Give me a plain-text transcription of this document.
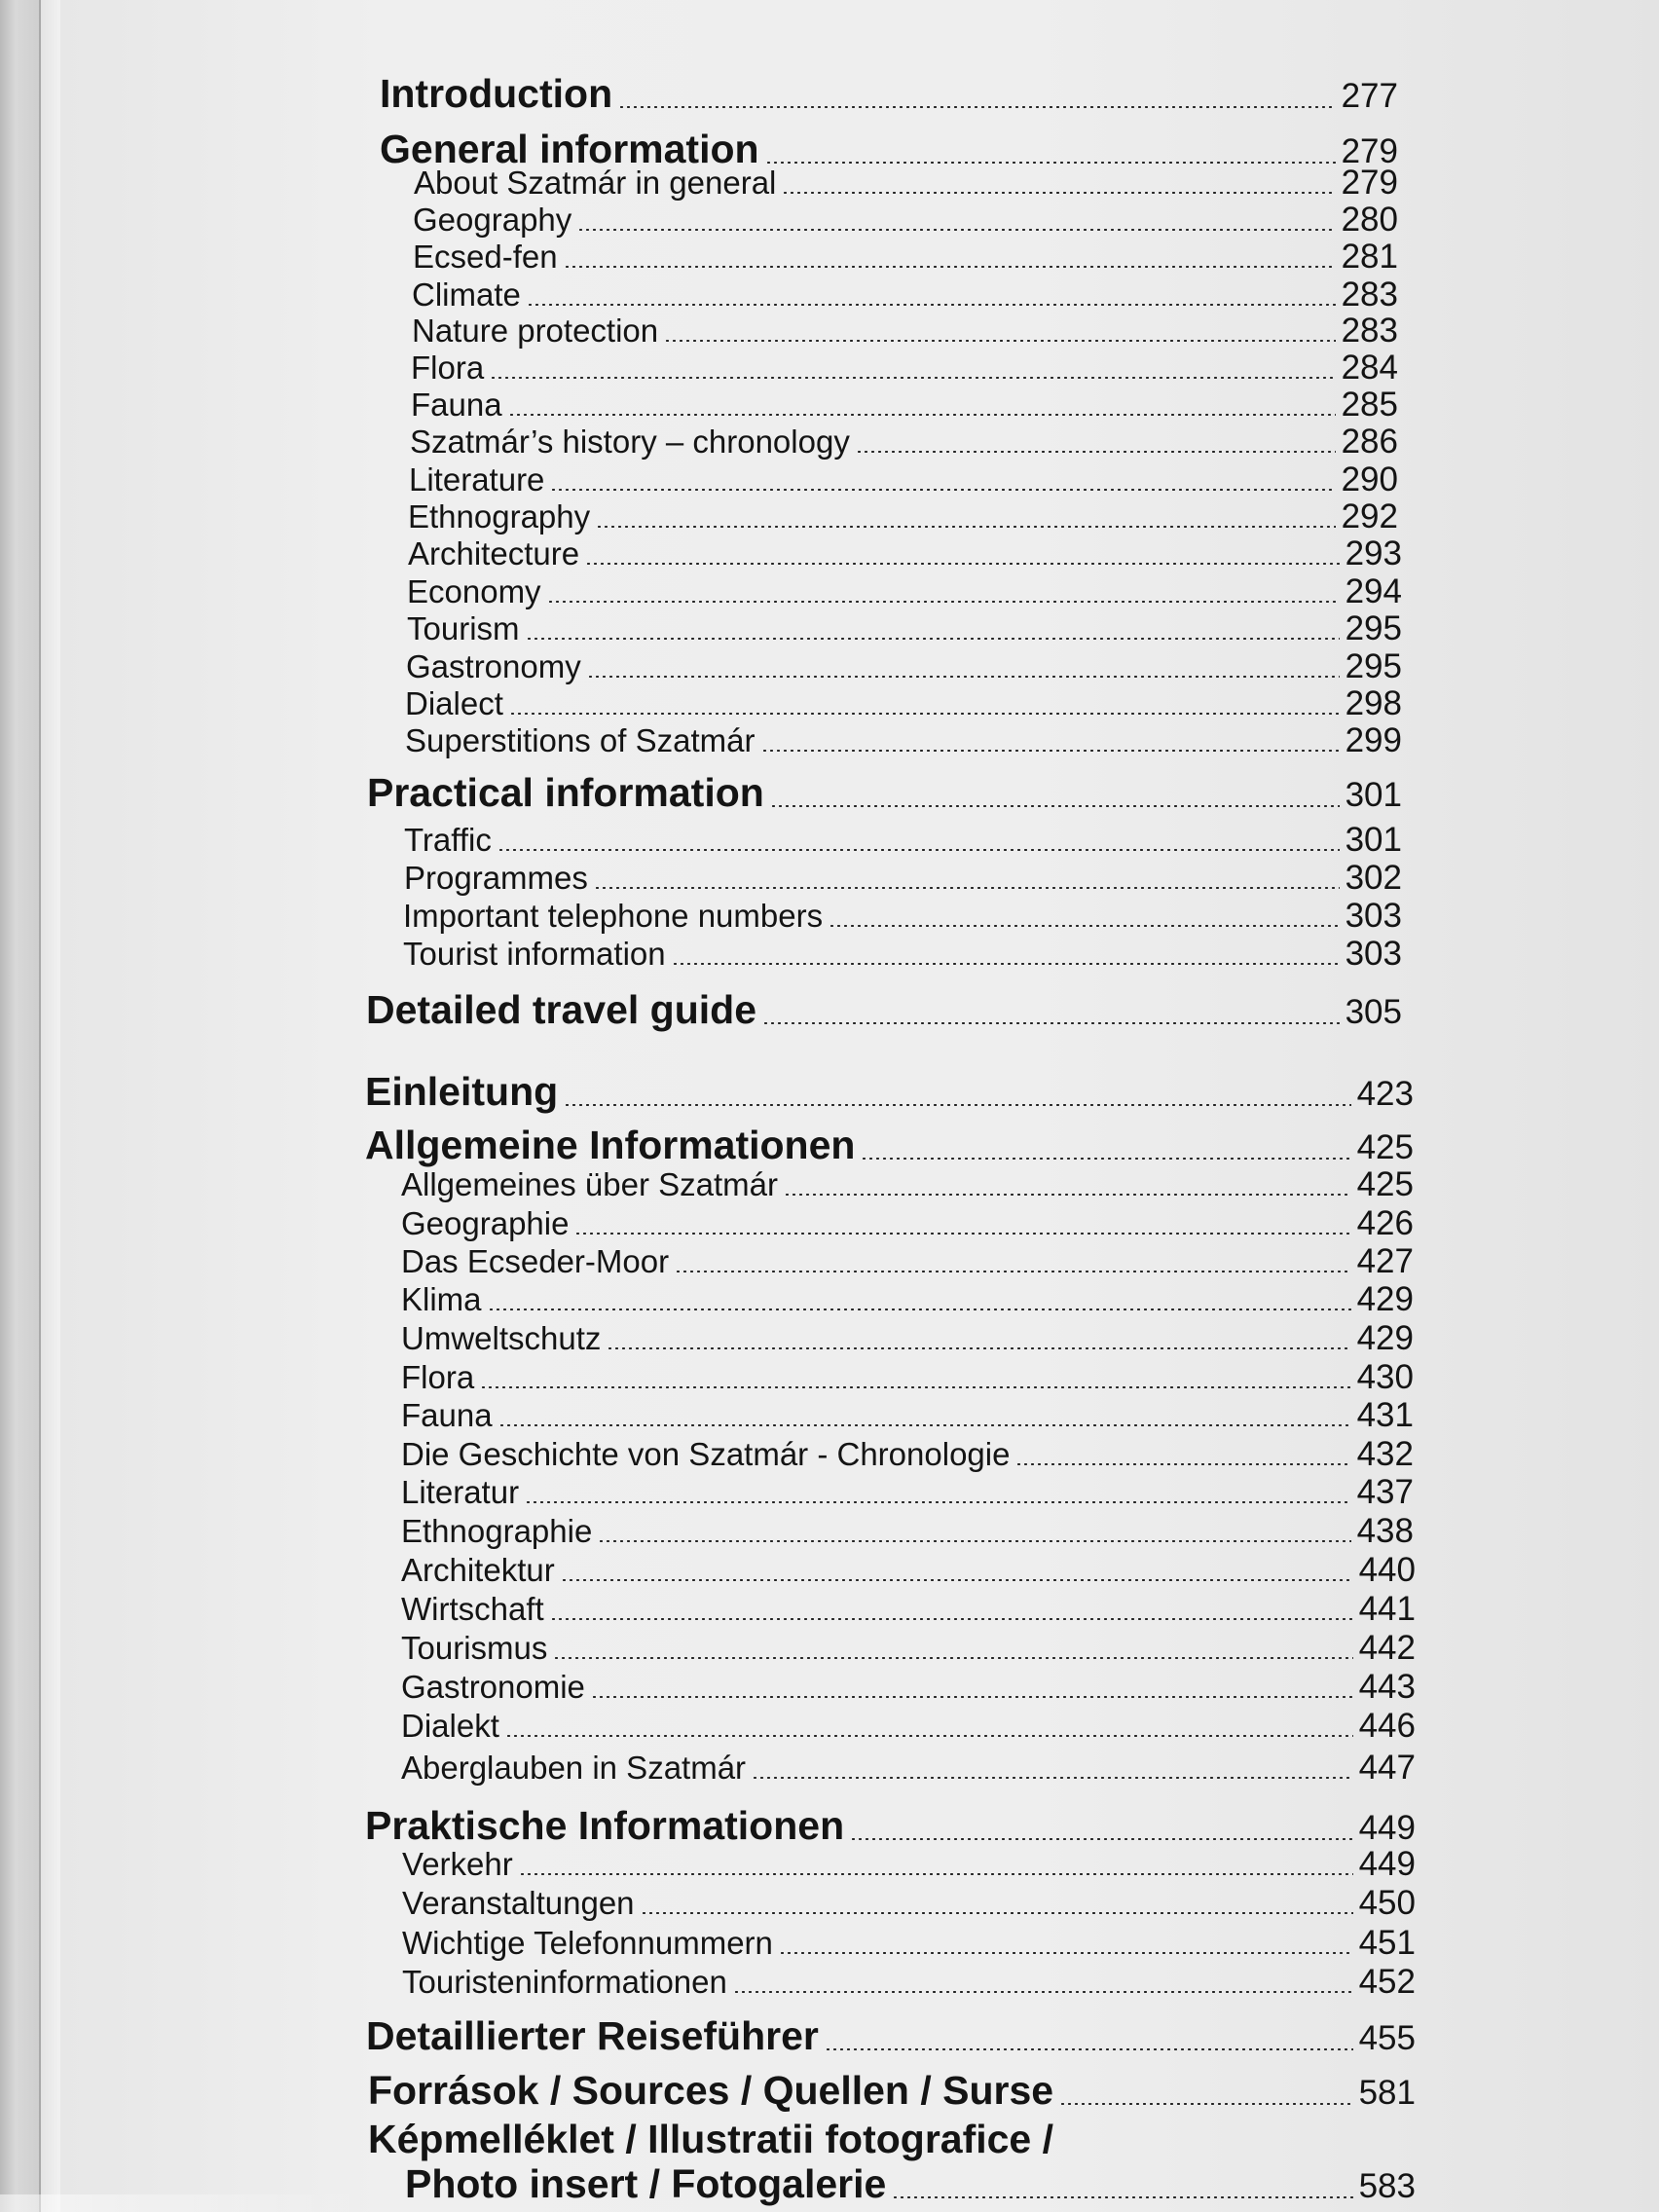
Introduction	277
General information	279
About Szatmár in general	279
Geography	280
Ecsed-fen	281
Climate	283
Nature protection	283
Flora	284
Fauna	285
Szatmár’s history – chronology	286
Literature	290
Ethnography	292
Architecture	293
Economy	294
Tourism	295
Gastronomy	295
Dialect	298
Superstitions of Szatmár	299
Practical information	301
Traffic	301
Programmes	302
Important telephone numbers	303
Tourist information	303
Detailed travel guide	305
Einleitung	423
Allgemeine Informationen	425
Allgemeines über Szatmár	425
Geographie	426
Das Ecseder-Moor	427
Klima	429
Umweltschutz	429
Flora	430
Fauna	431
Die Geschichte von Szatmár - Chronologie	432
Literatur	437
Ethnographie	438
Architektur	440
Wirtschaft	441
Tourismus	442
Gastronomie	443
Dialekt	446
Aberglauben in Szatmár	447
Praktische Informationen	449
Verkehr	449
Veranstaltungen	450
Wichtige Telefonnummern	451
Touristeninformationen	452
Detaillierter Reiseführer	455
Források / Sources / Quellen / Surse	581
Képmelléklet / Illustratii fotografice /
Photo insert / Fotogalerie	583
